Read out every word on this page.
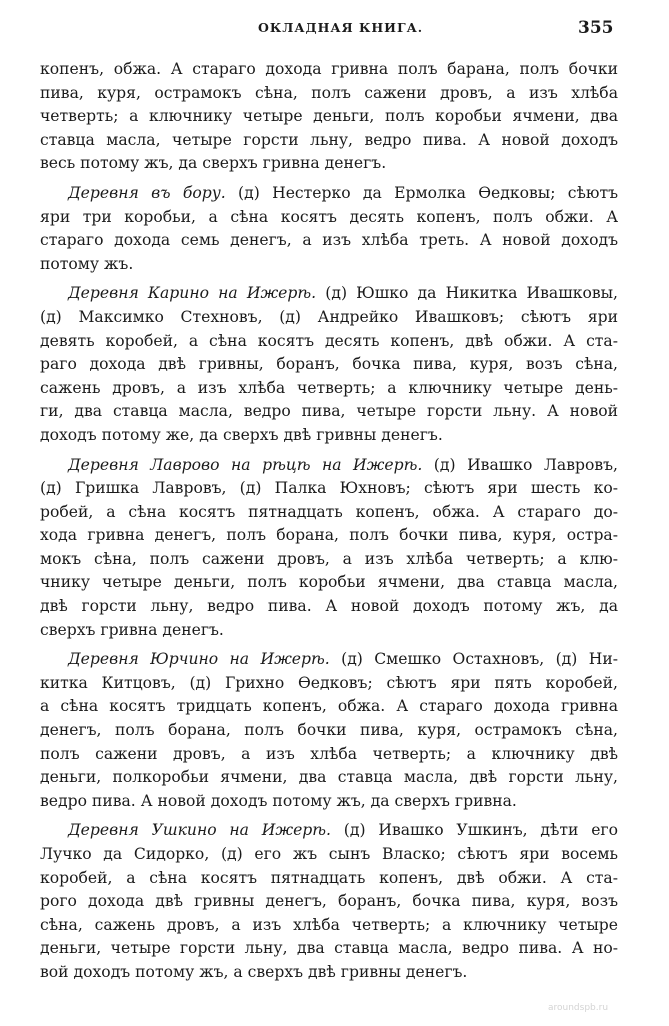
ОКЛАДНАЯ КНИГА.	355
копенъ, обжа. А стараго дохода гривна полъ барана, полъ бочки
пива, куря, острамокъ сѣна, полъ сажени дровъ, а изъ хлѣба
четверть; а ключнику четыре деньги, полъ коробьи ячмени, два
ставца масла, четыре горсти льну, ведро пива. А новой доходъ
весь потому жъ, да сверхъ гривна денегъ.
Деревня въ бору. (д) Нестерко да Ермолка Ѳедковы; сѣютъ
яри три коробьи, а сѣна косятъ десять копенъ, полъ обжи. А
стараго дохода семь денегъ, а изъ хлѣба треть. А новой доходъ
потому жъ.
Деревня Карино на Ижерѣ. (д) Юшко да Никитка Ивашковы,
(д) Максимко Стехновъ, (д) Андрейко Ивашковъ; сѣютъ яри
девять коробей, а сѣна косятъ десять копенъ, двѣ обжи. А ста-
раго дохода двѣ гривны, боранъ, бочка пива, куря, возъ сѣна,
сажень дровъ, а изъ хлѣба четверть; а ключнику четыре день-
ги, два ставца масла, ведро пива, четыре горсти льну. А новой
доходъ потому же, да сверхъ двѣ гривны денегъ.
Деревня Лаврово на рѣцѣ на Ижерѣ. (д) Ивашко Лавровъ,
(д) Гришка Лавровъ, (д) Палка Юхновъ; сѣютъ яри шесть ко-
робей, а сѣна косятъ пятнадцать копенъ, обжа. А стараго до-
хода гривна денегъ, полъ борана, полъ бочки пива, куря, остра-
мокъ сѣна, полъ сажени дровъ, а изъ хлѣба четверть; а клю-
чнику четыре деньги, полъ коробьи ячмени, два ставца масла,
двѣ горсти льну, ведро пива. А новой доходъ потому жъ, да
сверхъ гривна денегъ.
Деревня Юрчино на Ижерѣ. (д) Смешко Остахновъ, (д) Ни-
китка Китцовъ, (д) Грихно Ѳедковъ; сѣютъ яри пять коробей,
а сѣна косятъ тридцать копенъ, обжа. А стараго дохода гривна
денегъ, полъ борана, полъ бочки пива, куря, острамокъ сѣна,
полъ сажени дровъ, а изъ хлѣба четверть; а ключнику двѣ
деньги, полкоробьи ячмени, два ставца масла, двѣ горсти льну,
ведро пива. А новой доходъ потому жъ, да сверхъ гривна.
Деревня Ушкино на Ижерѣ. (д) Ивашко Ушкинъ, дѣти его
Лучко да Сидорко, (д) его жъ сынъ Власко; сѣютъ яри восемь
коробей, а сѣна косятъ пятнадцать копенъ, двѣ обжи. А ста-
рого дохода двѣ гривны денегъ, боранъ, бочка пива, куря, возъ
сѣна, сажень дровъ, а изъ хлѣба четверть; а ключнику четыре
деньги, четыре горсти льну, два ставца масла, ведро пива. А но-
вой доходъ потому жъ, а сверхъ двѣ гривны денегъ.
aroundspb.ru
